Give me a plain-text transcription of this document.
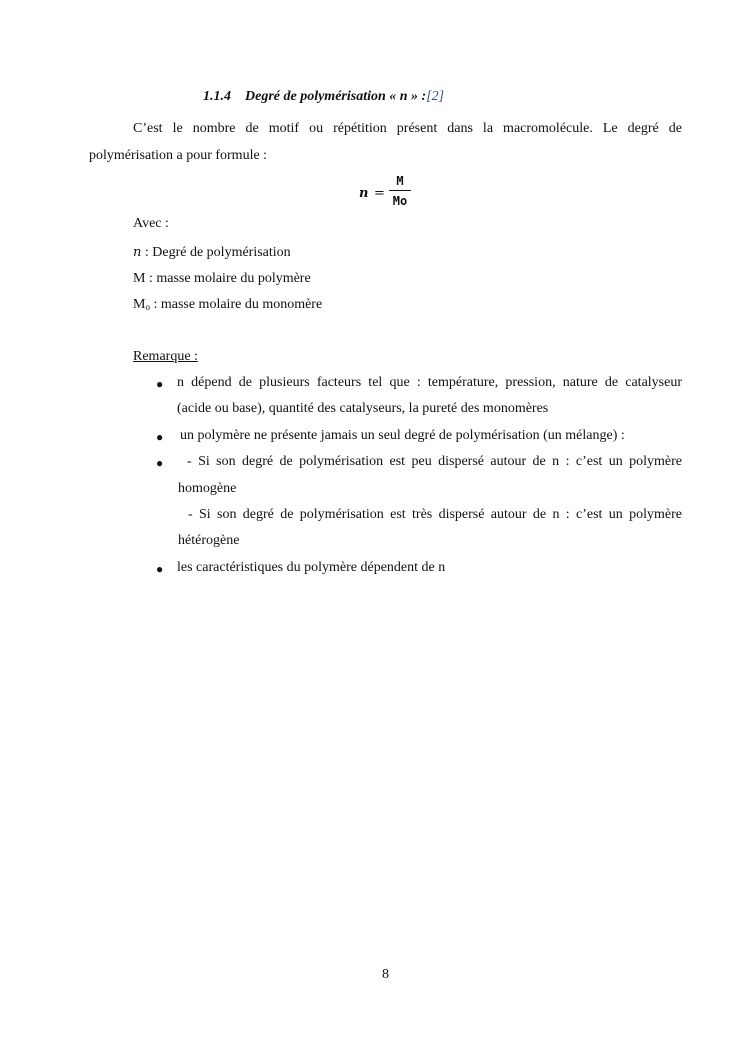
1.1.4 Degré de polymérisation « n » :[2]
C’est le nombre de motif ou répétition présent dans la macromolécule. Le degré de
polymérisation a pour formule :
n =
M
Mo
Avec :
n : Degré de polymérisation
M : masse molaire du polymère
$M_o$ : masse molaire du monomère
Remarque :
● n dépend de plusieurs facteurs tel que : température, pression, nature de catalyseur
(acide ou base), quantité des catalyseurs, la pureté des monomères
● un polymère ne présente jamais un seul degré de polymérisation (un mélange) :
● - Si son degré de polymérisation est peu dispersé autour de n : c’est un polymère
homogène
- Si son degré de polymérisation est très dispersé autour de n : c’est un polymère
hétérogène
● les caractéristiques du polymère dépendent de n
8
